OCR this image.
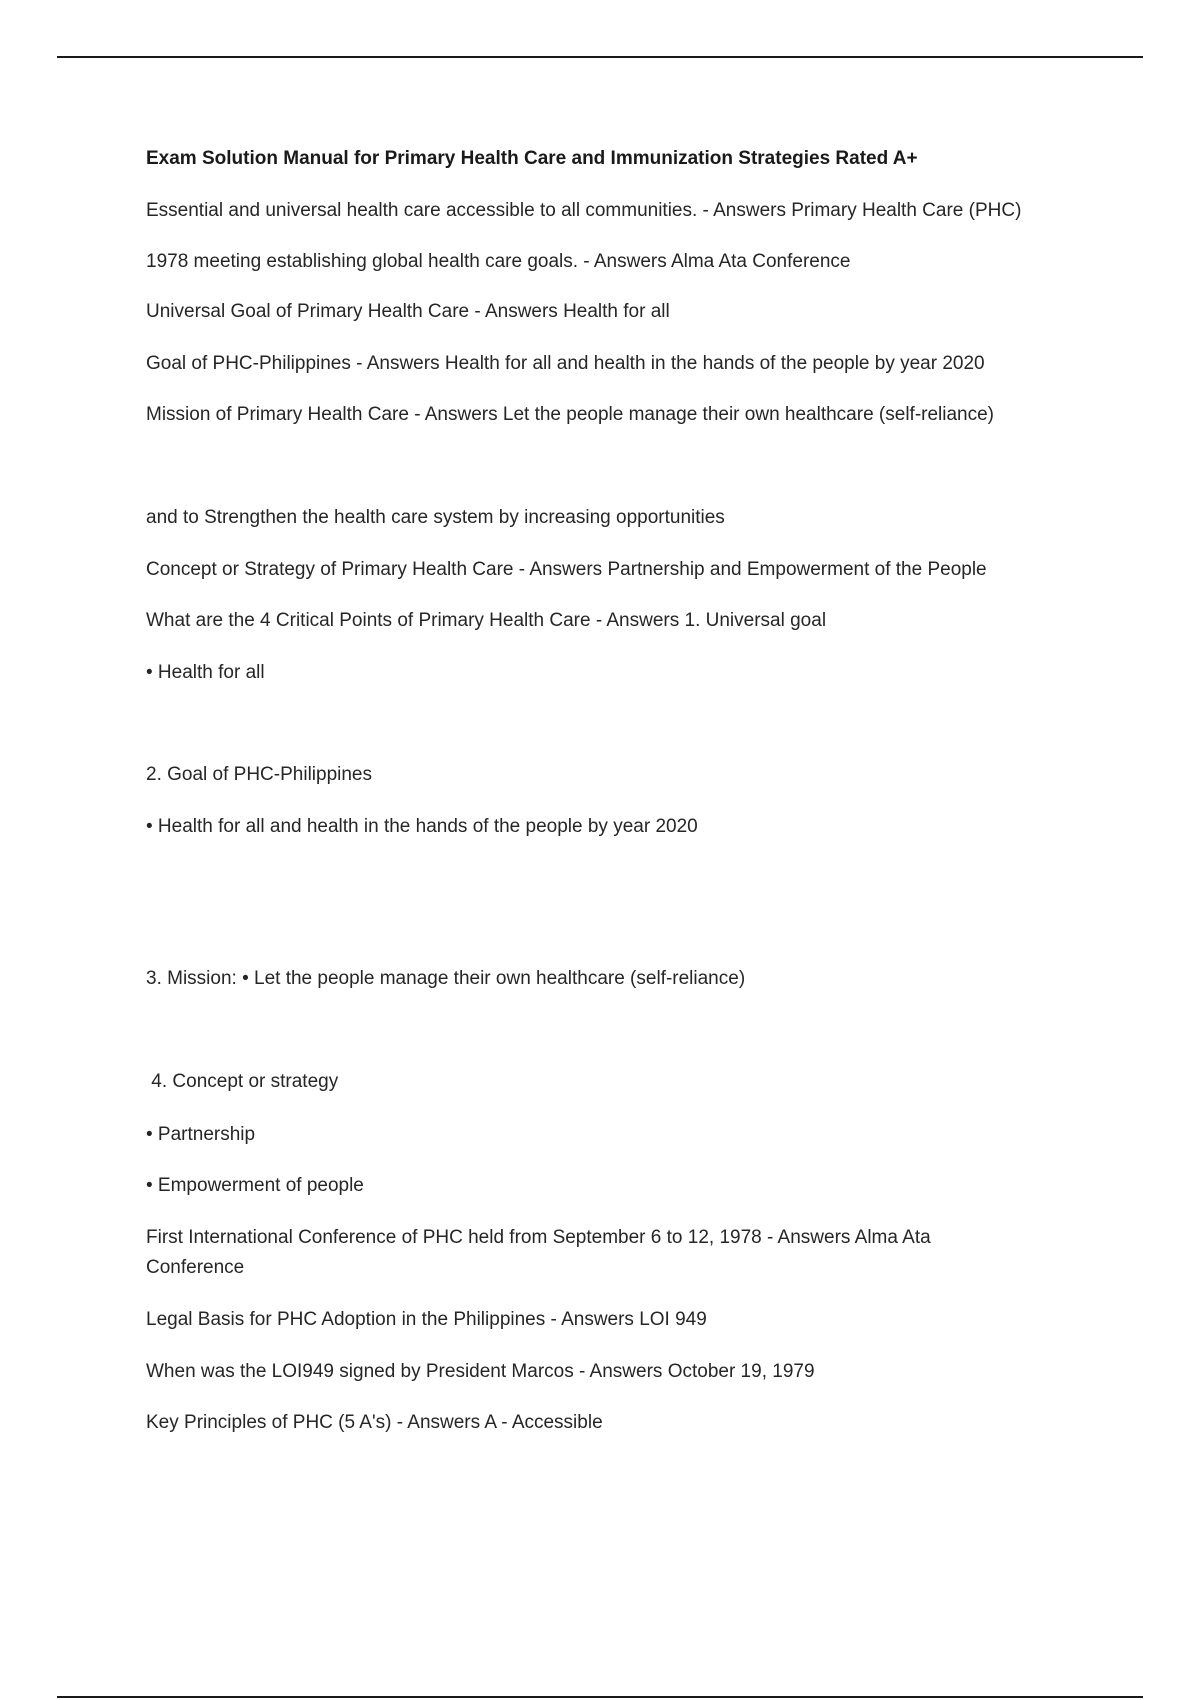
Exam Solution Manual for Primary Health Care and Immunization Strategies Rated A+
Essential and universal health care accessible to all communities. - Answers Primary Health Care (PHC)
1978 meeting establishing global health care goals. - Answers Alma Ata Conference
Universal Goal of Primary Health Care - Answers Health for all
Goal of PHC-Philippines - Answers Health for all and health in the hands of the people by year 2020
Mission of Primary Health Care - Answers Let the people manage their own healthcare (self-reliance)
and to Strengthen the health care system by increasing opportunities
Concept or Strategy of Primary Health Care - Answers Partnership and Empowerment of the People
What are the 4 Critical Points of Primary Health Care - Answers 1. Universal goal
• Health for all
2. Goal of PHC-Philippines
• Health for all and health in the hands of the people by year 2020
3. Mission: • Let the people manage their own healthcare (self-reliance)
4. Concept or strategy
• Partnership
• Empowerment of people
First International Conference of PHC held from September 6 to 12, 1978 - Answers Alma Ata Conference
Legal Basis for PHC Adoption in the Philippines - Answers LOI 949
When was the LOI949 signed by President Marcos - Answers October 19, 1979
Key Principles of PHC (5 A's) - Answers A - Accessible
